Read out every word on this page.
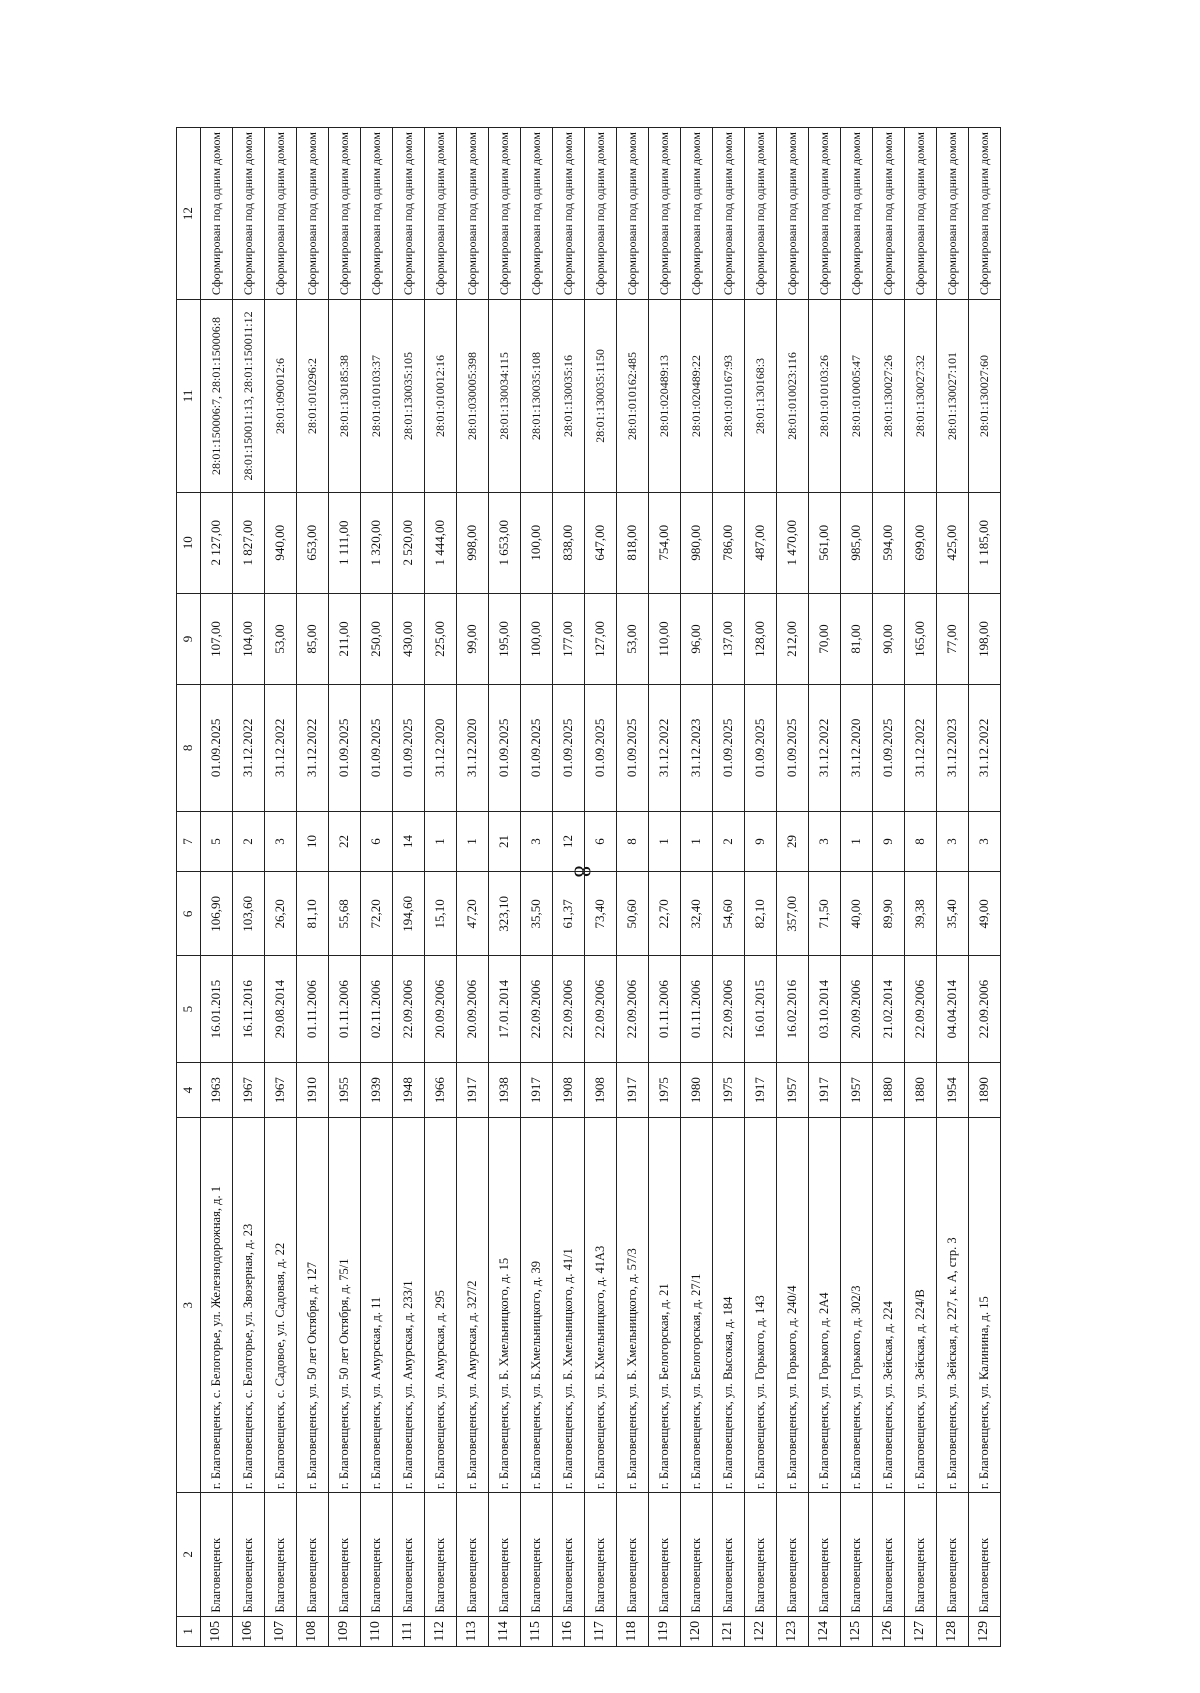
8
1	2	3	4	5	6	7	8	9	10	11	12
105	Благовещенск	г. Благовещенск, с. Белогорье, ул. Железнодорожная, д. 1	1963	16.01.2015	106,90	5	01.09.2025	107,00	2 127,00	28:01:150006:7, 28:01:150006:8	Сформирован под одним домом
106	Благовещенск	г. Благовещенск, с. Белогорье, ул. Звозерная, д. 23	1967	16.11.2016	103,60	2	31.12.2022	104,00	1 827,00	28:01:150011:13, 28:01:150011:12	Сформирован под одним домом
107	Благовещенск	г. Благовещенск, с. Садовое, ул. Садовая, д. 22	1967	29.08.2014	26,20	3	31.12.2022	53,00	940,00	28:01:090012:6	Сформирован под одним домом
108	Благовещенск	г. Благовещенск, ул. 50 лет Октября, д. 127	1910	01.11.2006	81,10	10	31.12.2022	85,00	653,00	28:01:010296:2	Сформирован под одним домом
109	Благовещенск	г. Благовещенск, ул. 50 лет Октября, д. 75/1	1955	01.11.2006	55,68	22	01.09.2025	211,00	1 111,00	28:01:130185:38	Сформирован под одним домом
110	Благовещенск	г. Благовещенск, ул. Амурская, д. 11	1939	02.11.2006	72,20	6	01.09.2025	250,00	1 320,00	28:01:010103:37	Сформирован под одним домом
111	Благовещенск	г. Благовещенск, ул. Амурская, д. 233/1	1948	22.09.2006	194,60	14	01.09.2025	430,00	2 520,00	28:01:130035:105	Сформирован под одним домом
112	Благовещенск	г. Благовещенск, ул. Амурская, д. 295	1966	20.09.2006	15,10	1	31.12.2020	225,00	1 444,00	28:01:010012:16	Сформирован под одним домом
113	Благовещенск	г. Благовещенск, ул. Амурская, д. 327/2	1917	20.09.2006	47,20	1	31.12.2020	99,00	998,00	28:01:030005:398	Сформирован под одним домом
114	Благовещенск	г. Благовещенск, ул. Б. Хмельницкого, д. 15	1938	17.01.2014	323,10	21	01.09.2025	195,00	1 653,00	28:01:130034:115	Сформирован под одним домом
115	Благовещенск	г. Благовещенск, ул. Б.Хмельницкого, д. 39	1917	22.09.2006	35,50	3	01.09.2025	100,00	100,00	28:01:130035:108	Сформирован под одним домом
116	Благовещенск	г. Благовещенск, ул. Б. Хмельницкого, д. 41/1	1908	22.09.2006	61,37	12	01.09.2025	177,00	838,00	28:01:130035:16	Сформирован под одним домом
117	Благовещенск	г. Благовещенск, ул. Б.Хмельницкого, д. 41А3	1908	22.09.2006	73,40	6	01.09.2025	127,00	647,00	28:01:130035:1150	Сформирован под одним домом
118	Благовещенск	г. Благовещенск, ул. Б. Хмельницкого, д. 57/3	1917	22.09.2006	50,60	8	01.09.2025	53,00	818,00	28:01:010162:485	Сформирован под одним домом
119	Благовещенск	г. Благовещенск, ул. Белогорская, д. 21	1975	01.11.2006	22,70	1	31.12.2022	110,00	754,00	28:01:020489:13	Сформирован под одним домом
120	Благовещенск	г. Благовещенск, ул. Белогорская, д. 27/1	1980	01.11.2006	32,40	1	31.12.2023	96,00	980,00	28:01:020489:22	Сформирован под одним домом
121	Благовещенск	г. Благовещенск, ул. Высокая, д. 184	1975	22.09.2006	54,60	2	01.09.2025	137,00	786,00	28:01:010167:93	Сформирован под одним домом
122	Благовещенск	г. Благовещенск, ул. Горького, д. 143	1917	16.01.2015	82,10	9	01.09.2025	128,00	487,00	28:01:130168:3	Сформирован под одним домом
123	Благовещенск	г. Благовещенск, ул. Горького, д. 240/4	1957	16.02.2016	357,00	29	01.09.2025	212,00	1 470,00	28:01:010023:116	Сформирован под одним домом
124	Благовещенск	г. Благовещенск, ул. Горького, д. 2А4	1917	03.10.2014	71,50	3	31.12.2022	70,00	561,00	28:01:010103:26	Сформирован под одним домом
125	Благовещенск	г. Благовещенск, ул. Горького, д. 302/3	1957	20.09.2006	40,00	1	31.12.2020	81,00	985,00	28:01:010005:47	Сформирован под одним домом
126	Благовещенск	г. Благовещенск, ул. Зейская, д. 224	1880	21.02.2014	89,90	9	01.09.2025	90,00	594,00	28:01:130027:26	Сформирован под одним домом
127	Благовещенск	г. Благовещенск, ул. Зейская, д. 224/В	1880	22.09.2006	39,38	8	31.12.2022	165,00	699,00	28:01:130027:32	Сформирован под одним домом
128	Благовещенск	г. Благовещенск, ул. Зейская, д. 227, к. А, стр. 3	1954	04.04.2014	35,40	3	31.12.2023	77,00	425,00	28:01:130027:101	Сформирован под одним домом
129	Благовещенск	г. Благовещенск, ул. Калинина, д. 15	1890	22.09.2006	49,00	3	31.12.2022	198,00	1 185,00	28:01:130027:60	Сформирован под одним домом
